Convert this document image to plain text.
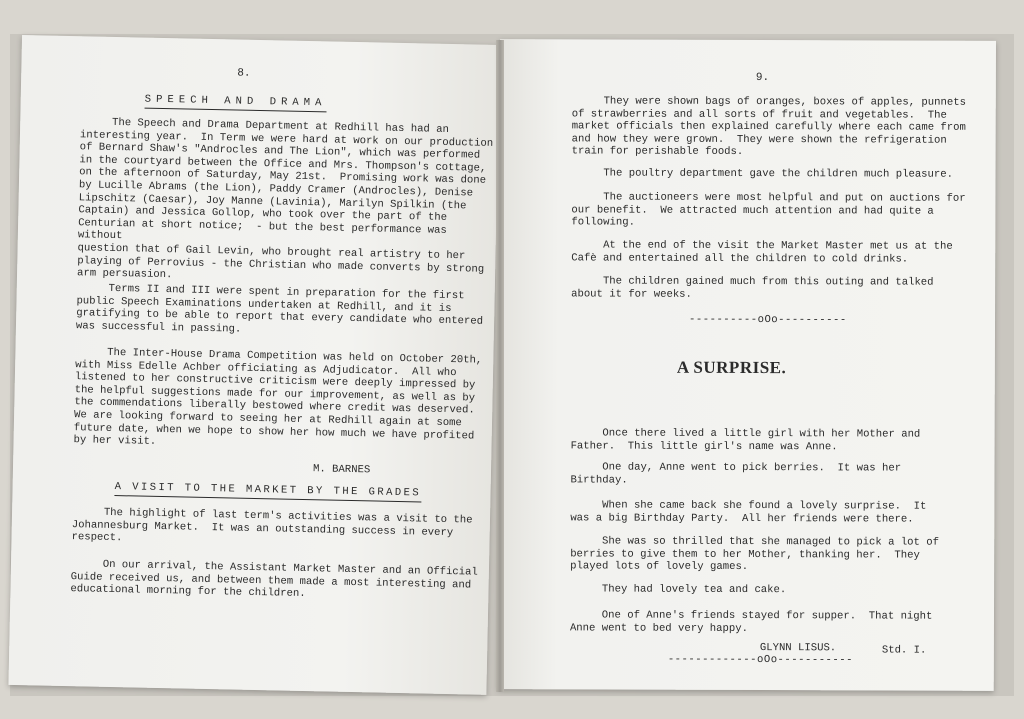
8.
SPEECH AND DRAMA
The Speech and Drama Department at Redhill has had an
interesting year.  In Term we were hard at work on our production
of Bernard Shaw's "Androcles and The Lion", which was performed
in the courtyard between the Office and Mrs. Thompson's cottage,
on the afternoon of Saturday, May 21st.  Promising work was done
by Lucille Abrams (the Lion), Paddy Cramer (Androcles), Denise
Lipschitz (Caesar), Joy Manne (Lavinia), Marilyn Spilkin (the
Captain) and Jessica Gollop, who took over the part of the
Centurian at short notice;  - but the best performance was without
question that of Gail Levin, who brought real artistry to her
playing of Perrovius - the Christian who made converts by strong
arm persuasion.
Terms II and III were spent in preparation for the first
public Speech Examinations undertaken at Redhill, and it is
gratifying to be able to report that every candidate who entered
was successful in passing.
The Inter-House Drama Competition was held on October 20th,
with Miss Edelle Achber officiating as Adjudicator.  All who
listened to her constructive criticism were deeply impressed by
the helpful suggestions made for our improvement, as well as by
the commendations liberally bestowed where credit was deserved.
We are looking forward to seeing her at Redhill again at some
future date, when we hope to show her how much we have profited
by her visit.
M. BARNES
A VISIT TO THE MARKET BY THE GRADES
The highlight of last term's activities was a visit to the
Johannesburg Market.  It was an outstanding success in every
respect.
On our arrival, the Assistant Market Master and an Official
Guide received us, and between them made a most interesting and
educational morning for the children.
9.
They were shown bags of oranges, boxes of apples, punnets
of strawberries and all sorts of fruit and vegetables.  The
market officials then explained carefully where each came from
and how they were grown.  They were shown the refrigeration
train for perishable foods.
The poultry department gave the children much pleasure.
The auctioneers were most helpful and put on auctions for
our benefit.  We attracted much attention and had quite a
following.
At the end of the visit the Market Master met us at the
Cafè and entertained all the children to cold drinks.
The children gained much from this outing and talked
about it for weeks.
----------oOo----------
A SURPRISE.
Once there lived a little girl with her Mother and
Father.  This little girl's name was Anne.
One day, Anne went to pick berries.  It was her
Birthday.
When she came back she found a lovely surprise.  It
was a big Birthday Party.  All her friends were there.
She was so thrilled that she managed to pick a lot of
berries to give them to her Mother, thanking her.  They
played lots of lovely games.
They had lovely tea and cake.
One of Anne's friends stayed for supper.  That night
Anne went to bed very happy.
GLYNN LISUS.	Std. I.
-------------oOo-----------
